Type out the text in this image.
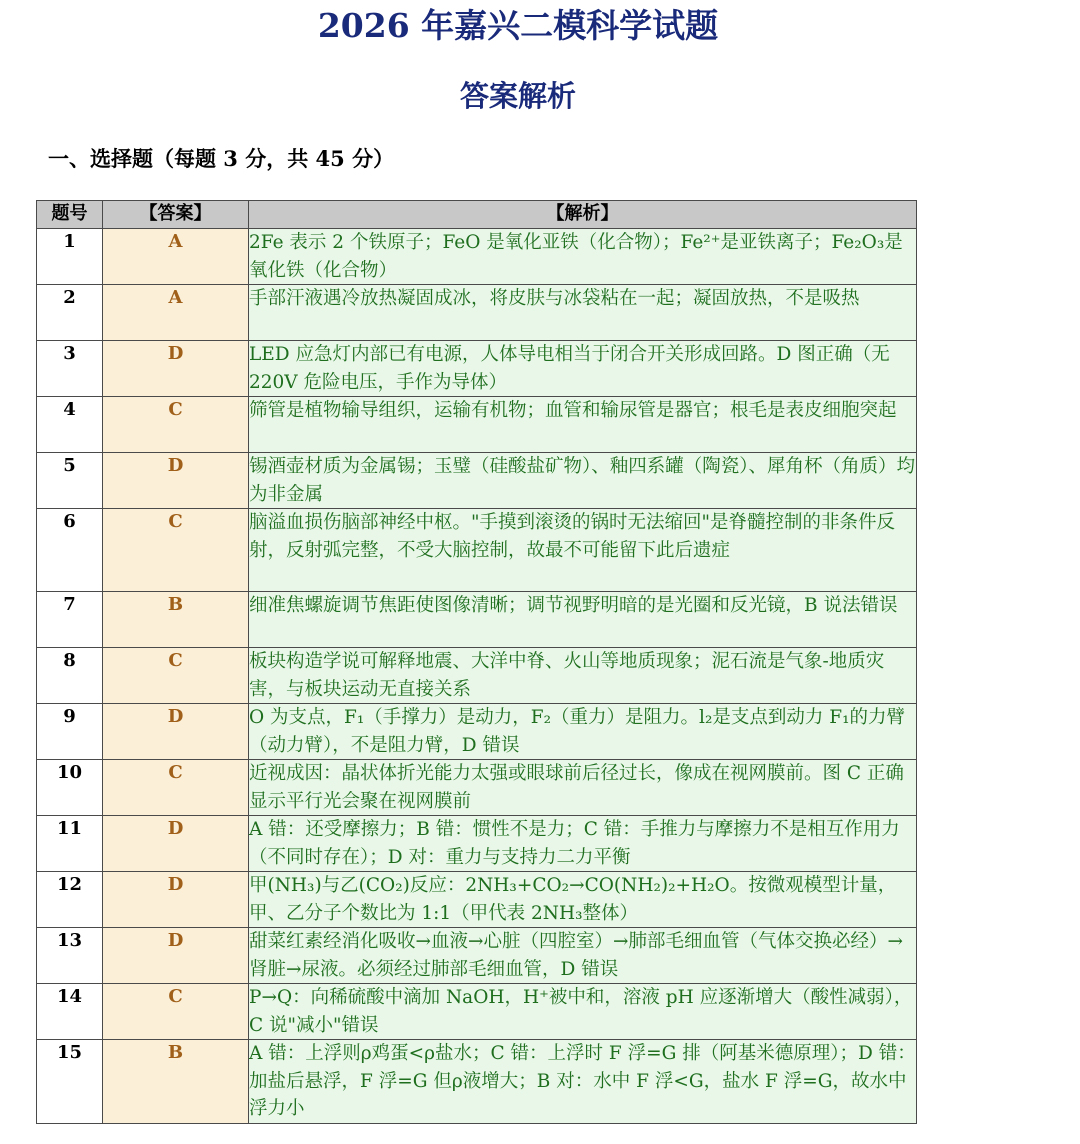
2026 年嘉兴二模科学试题
答案解析
一、选择题（每题 3 分，共 45 分）
题号	【答案】	【解析】
1	A	2Fe 表示 2 个铁原子；FeO 是氧化亚铁（化合物）；Fe²⁺是亚铁离子；Fe₂O₃是氧化铁（化合物）
2	A	手部汗液遇冷放热凝固成冰，将皮肤与冰袋粘在一起；凝固放热，不是吸热
3	D	LED 应急灯内部已有电源，人体导电相当于闭合开关形成回路。D 图正确（无 220V 危险电压，手作为导体）
4	C	筛管是植物输导组织，运输有机物；血管和输尿管是器官；根毛是表皮细胞突起
5	D	锡酒壶材质为金属锡；玉璧（硅酸盐矿物）、釉四系罐（陶瓷）、犀角杯（角质）均为非金属
6	C	脑溢血损伤脑部神经中枢。"手摸到滚烫的锅时无法缩回"是脊髓控制的非条件反射，反射弧完整，不受大脑控制，故最不可能留下此后遗症
7	B	细准焦螺旋调节焦距使图像清晰；调节视野明暗的是光圈和反光镜，B 说法错误
8	C	板块构造学说可解释地震、大洋中脊、火山等地质现象；泥石流是气象-地质灾害，与板块运动无直接关系
9	D	O 为支点，F₁（手撑力）是动力，F₂（重力）是阻力。l₂是支点到动力 F₁的力臂（动力臂），不是阻力臂，D 错误
10	C	近视成因：晶状体折光能力太强或眼球前后径过长，像成在视网膜前。图 C 正确显示平行光会聚在视网膜前
11	D	A 错：还受摩擦力；B 错：惯性不是力；C 错：手推力与摩擦力不是相互作用力（不同时存在）；D 对：重力与支持力二力平衡
12	D	甲(NH₃)与乙(CO₂)反应：2NH₃+CO₂→CO(NH₂)₂+H₂O。按微观模型计量，甲、乙分子个数比为 1:1（甲代表 2NH₃整体）
13	D	甜菜红素经消化吸收→血液→心脏（四腔室）→肺部毛细血管（气体交换必经）→肾脏→尿液。必须经过肺部毛细血管，D 错误
14	C	P→Q：向稀硫酸中滴加 NaOH，H⁺被中和，溶液 pH 应逐渐增大（酸性减弱），C 说"减小"错误
15	B	A 错：上浮则ρ鸡蛋<ρ盐水；C 错：上浮时 F 浮=G 排（阿基米德原理）；D 错：加盐后悬浮，F 浮=G 但ρ液增大；B 对：水中 F 浮<G，盐水 F 浮=G，故水中浮力小
